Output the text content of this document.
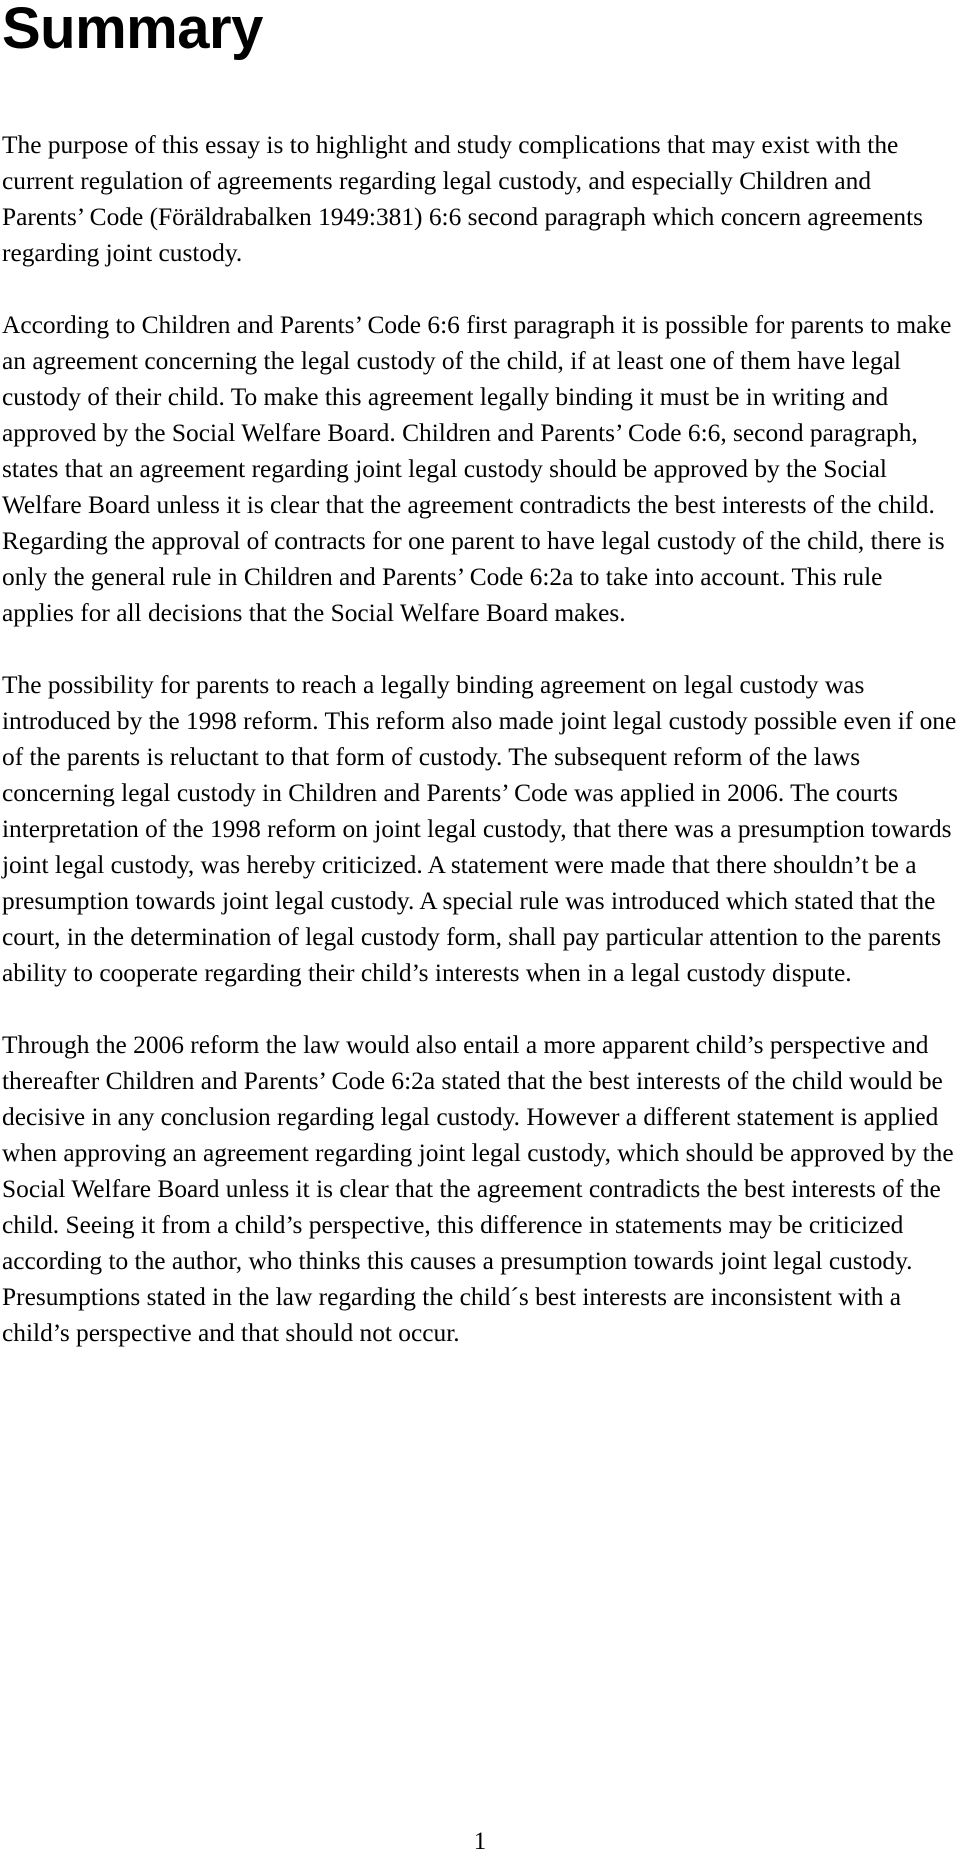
Summary

The purpose of this essay is to highlight and study complications that may exist with the current regulation of agreements regarding legal custody, and especially Children and Parents’ Code (Föräldrabalken 1949:381) 6:6 second paragraph which concern agreements regarding joint custody.

According to Children and Parents’ Code 6:6 first paragraph it is possible for parents to make an agreement concerning the legal custody of the child, if at least one of them have legal custody of their child. To make this agreement legally binding it must be in writing and approved by the Social Welfare Board. Children and Parents’ Code 6:6, second paragraph, states that an agreement regarding joint legal custody should be approved by the Social Welfare Board unless it is clear that the agreement contradicts the best interests of the child. Regarding the approval of contracts for one parent to have legal custody of the child, there is only the general rule in Children and Parents’ Code 6:2a to take into account. This rule applies for all decisions that the Social Welfare Board makes.

The possibility for parents to reach a legally binding agreement on legal custody was introduced by the 1998 reform. This reform also made joint legal custody possible even if one of the parents is reluctant to that form of custody. The subsequent reform of the laws concerning legal custody in Children and Parents’ Code was applied in 2006. The courts interpretation of the 1998 reform on joint legal custody, that there was a presumption towards joint legal custody, was hereby criticized. A statement were made that there shouldn’t be a presumption towards joint legal custody. A special rule was introduced which stated that the court, in the determination of legal custody form, shall pay particular attention to the parents ability to cooperate regarding their child’s interests when in a legal custody dispute.

Through the 2006 reform the law would also entail a more apparent child’s perspective and thereafter Children and Parents’ Code 6:2a stated that the best interests of the child would be decisive in any conclusion regarding legal custody. However a different statement is applied when approving an agreement regarding joint legal custody, which should be approved by the Social Welfare Board unless it is clear that the agreement contradicts the best interests of the child. Seeing it from a child’s perspective, this difference in statements may be criticized according to the author, who thinks this causes a presumption towards joint legal custody. Presumptions stated in the law regarding the child´s best interests are inconsistent with a child’s perspective and that should not occur.

1
